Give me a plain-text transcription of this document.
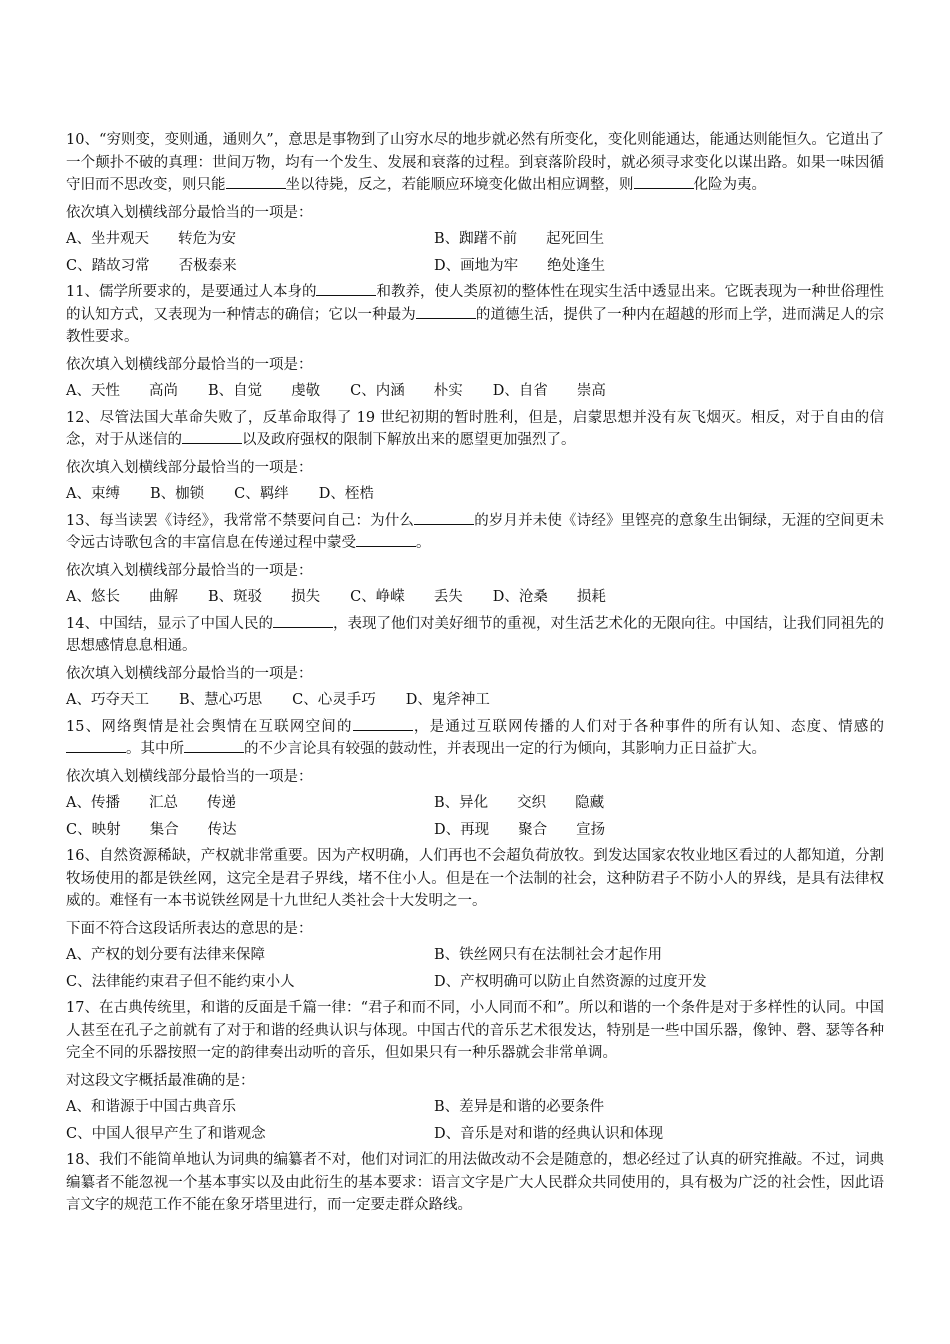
10、“穷则变，变则通，通则久”，意思是事物到了山穷水尽的地步就必然有所变化，变化则能通达，能通达则能恒久。它道出了一个颠扑不破的真理：世间万物，均有一个发生、发展和衰落的过程。到衰落阶段时，就必须寻求变化以谋出路。如果一味因循守旧而不思改变，则只能	坐以待毙，反之，若能顺应环境变化做出相应调整，则	化险为夷。

依次填入划横线部分最恰当的一项是：
A、坐井观天　　转危为安	B、踟躇不前　　起死回生
C、踏故习常　　否极泰来	D、画地为牢　　绝处逢生

11、儒学所要求的，是要通过人本身的	和教养，使人类原初的整体性在现实生活中透显出来。它既表现为一种世俗理性的认知方式，又表现为一种情志的确信；它以一种最为	的道德生活，提供了一种内在超越的形而上学，进而满足人的宗教性要求。

依次填入划横线部分最恰当的一项是：
A、天性　　高尚 B、自觉　　虔敬 C、内涵　　朴实 D、自省　　崇高

12、尽管法国大革命失败了，反革命取得了 19 世纪初期的暂时胜利，但是，启蒙思想并没有灰飞烟灭。相反，对于自由的信念，对于从迷信的	以及政府强权的限制下解放出来的愿望更加强烈了。

依次填入划横线部分最恰当的一项是：
A、束缚 B、枷锁 C、羁绊 D、桎梏

13、每当读罢《诗经》，我常常不禁要问自己：为什么	的岁月并未使《诗经》里铿亮的意象生出铜绿，无涯的空间更未令远古诗歌包含的丰富信息在传递过程中蒙受	。

依次填入划横线部分最恰当的一项是：
A、悠长　　曲解 B、斑驳　　损失 C、峥嵘　　丢失 D、沧桑　　损耗

14、中国结，显示了中国人民的	，表现了他们对美好细节的重视，对生活艺术化的无限向往。中国结，让我们同祖先的思想感情息息相通。

依次填入划横线部分最恰当的一项是：
A、巧夺天工 B、慧心巧思 C、心灵手巧 D、鬼斧神工

15、网络舆情是社会舆情在互联网空间的	，是通过互联网传播的人们对于各种事件的所有认知、态度、情感的。其中所	的不少言论具有较强的鼓动性，并表现出一定的行为倾向，其影响力正日益扩大。

依次填入划横线部分最恰当的一项是：
A、传播　　汇总　　传递	B、异化　　交织　　隐藏
C、映射　　集合　　传达	D、再现　　聚合　　宣扬

16、自然资源稀缺，产权就非常重要。因为产权明确，人们再也不会超负荷放牧。到发达国家农牧业地区看过的人都知道，分割牧场使用的都是铁丝网，这完全是君子界线，堵不住小人。但是在一个法制的社会，这种防君子不防小人的界线，是具有法律权威的。难怪有一本书说铁丝网是十九世纪人类社会十大发明之一。

下面不符合这段话所表达的意思的是：
A、产权的划分要有法律来保障	B、铁丝网只有在法制社会才起作用
C、法律能约束君子但不能约束小人	D、产权明确可以防止自然资源的过度开发

17、在古典传统里，和谐的反面是千篇一律：“君子和而不同，小人同而不和”。所以和谐的一个条件是对于多样性的认同。中国人甚至在孔子之前就有了对于和谐的经典认识与体现。中国古代的音乐艺术很发达，特别是一些中国乐器，像钟、磬、瑟等各种完全不同的乐器按照一定的韵律奏出动听的音乐，但如果只有一种乐器就会非常单调。

对这段文字概括最准确的是：
A、和谐源于中国古典音乐	B、差异是和谐的必要条件
C、中国人很早产生了和谐观念	D、音乐是对和谐的经典认识和体现

18、我们不能简单地认为词典的编纂者不对，他们对词汇的用法做改动不会是随意的，想必经过了认真的研究推敲。不过，词典编纂者不能忽视一个基本事实以及由此衍生的基本要求：语言文字是广大人民群众共同使用的，具有极为广泛的社会性，因此语言文字的规范工作不能在象牙塔里进行，而一定要走群众路线。
